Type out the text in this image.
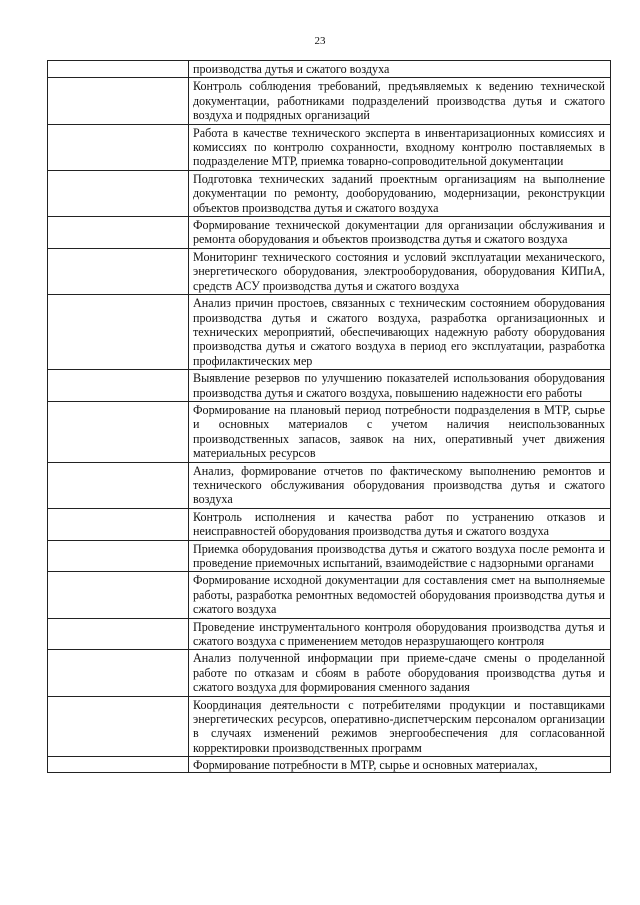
23

	производства дутья и сжатого воздуха

	Контроль соблюдения требований, предъявляемых к ведению технической документации, работниками подразделений производства дутья и сжатого воздуха и подрядных организаций

	Работа в качестве технического эксперта в инвентаризационных комиссиях и комиссиях по контролю сохранности, входному контролю поставляемых в подразделение МТР, приемка товарно-сопроводительной документации

	Подготовка технических заданий проектным организациям на выполнение документации по ремонту, дооборудованию, модернизации, реконструкции объектов производства дутья и сжатого воздуха

	Формирование технической документации для организации обслуживания и ремонта оборудования и объектов производства дутья и сжатого воздуха

	Мониторинг технического состояния и условий эксплуатации механического, энергетического оборудования, электрооборудования, оборудования КИПиА, средств АСУ производства дутья и сжатого воздуха

	Анализ причин простоев, связанных с техническим состоянием оборудования производства дутья и сжатого воздуха, разработка организационных и технических мероприятий, обеспечивающих надежную работу оборудования производства дутья и сжатого воздуха в период его эксплуатации, разработка профилактических мер

	Выявление резервов по улучшению показателей использования оборудования производства дутья и сжатого воздуха, повышению надежности его работы

	Формирование на плановый период потребности подразделения в МТР, сырье и основных материалов с учетом наличия неиспользованных производственных запасов, заявок на них, оперативный учет движения материальных ресурсов

	Анализ, формирование отчетов по фактическому выполнению ремонтов и технического обслуживания оборудования производства дутья и сжатого воздуха

	Контроль исполнения и качества работ по устранению отказов и неисправностей оборудования производства дутья и сжатого воздуха

	Приемка оборудования производства дутья и сжатого воздуха после ремонта и проведение приемочных испытаний, взаимодействие с надзорными органами

	Формирование исходной документации для составления смет на выполняемые работы, разработка ремонтных ведомостей оборудования производства дутья и сжатого воздуха

	Проведение инструментального контроля оборудования производства дутья и сжатого воздуха с применением методов неразрушающего контроля

	Анализ полученной информации при приеме-сдаче смены о проделанной работе по отказам и сбоям в работе оборудования производства дутья и сжатого воздуха для формирования сменного задания

	Координация деятельности с потребителями продукции и поставщиками энергетических ресурсов, оперативно-диспетчерским персоналом организации в случаях изменений режимов энергообеспечения для согласованной корректировки производственных программ

	Формирование потребности в МТР, сырье и основных материалах,
